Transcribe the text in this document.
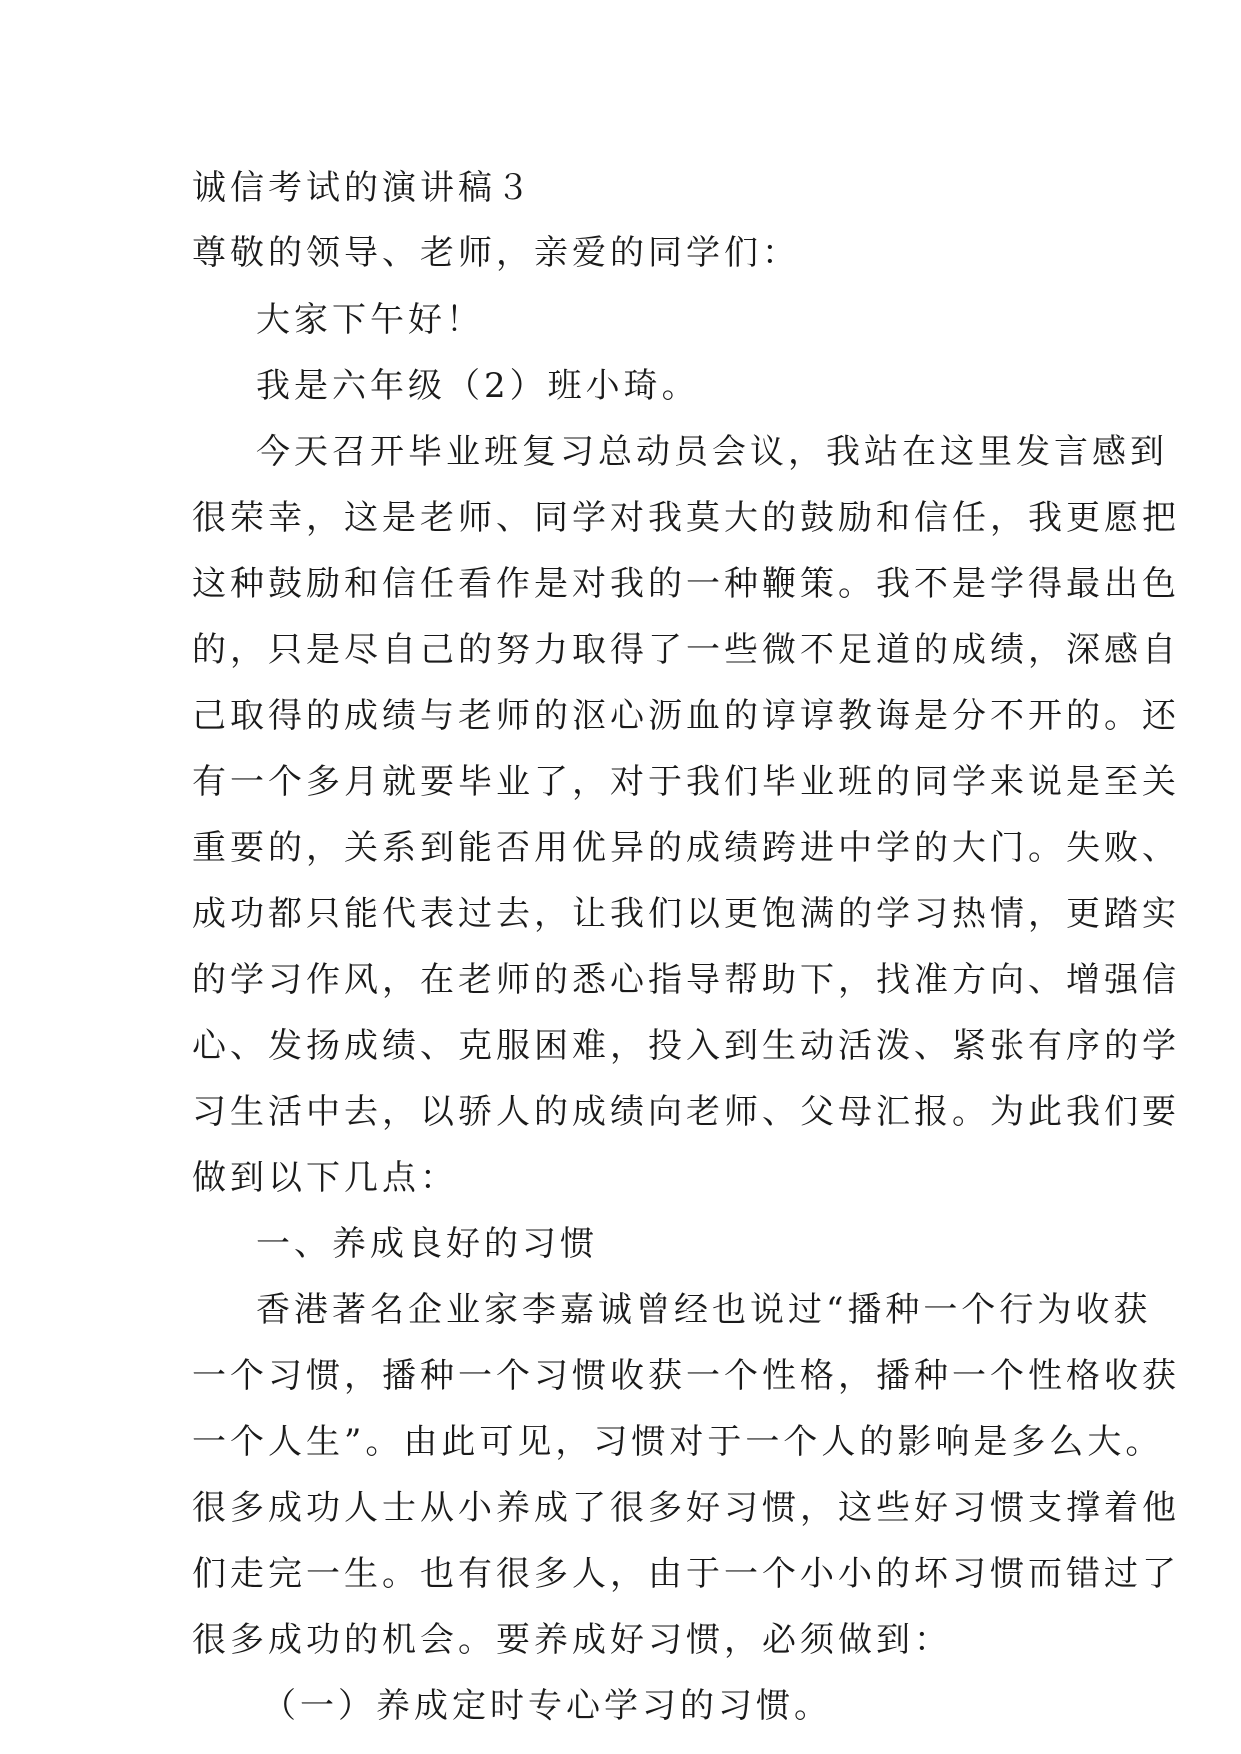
诚信考试的演讲稿３

尊敬的领导、老师，亲爱的同学们：

大家下午好！

我是六年级（2）班小琦。

今天召开毕业班复习总动员会议，我站在这里发言感到

很荣幸，这是老师、同学对我莫大的鼓励和信任，我更愿把

这种鼓励和信任看作是对我的一种鞭策。我不是学得最出色

的，只是尽自己的努力取得了一些微不足道的成绩，深感自

己取得的成绩与老师的沤心沥血的谆谆教诲是分不开的。还

有一个多月就要毕业了，对于我们毕业班的同学来说是至关

重要的，关系到能否用优异的成绩跨进中学的大门。失败、

成功都只能代表过去，让我们以更饱满的学习热情，更踏实

的学习作风，在老师的悉心指导帮助下，找准方向、增强信

心、发扬成绩、克服困难，投入到生动活泼、紧张有序的学

习生活中去，以骄人的成绩向老师、父母汇报。为此我们要

做到以下几点：

一、养成良好的习惯

香港著名企业家李嘉诚曾经也说过“播种一个行为收获

一个习惯，播种一个习惯收获一个性格，播种一个性格收获

一个人生”。由此可见，习惯对于一个人的影响是多么大。

很多成功人士从小养成了很多好习惯，这些好习惯支撑着他

们走完一生。也有很多人，由于一个小小的坏习惯而错过了

很多成功的机会。要养成好习惯，必须做到：

（一）养成定时专心学习的习惯。
